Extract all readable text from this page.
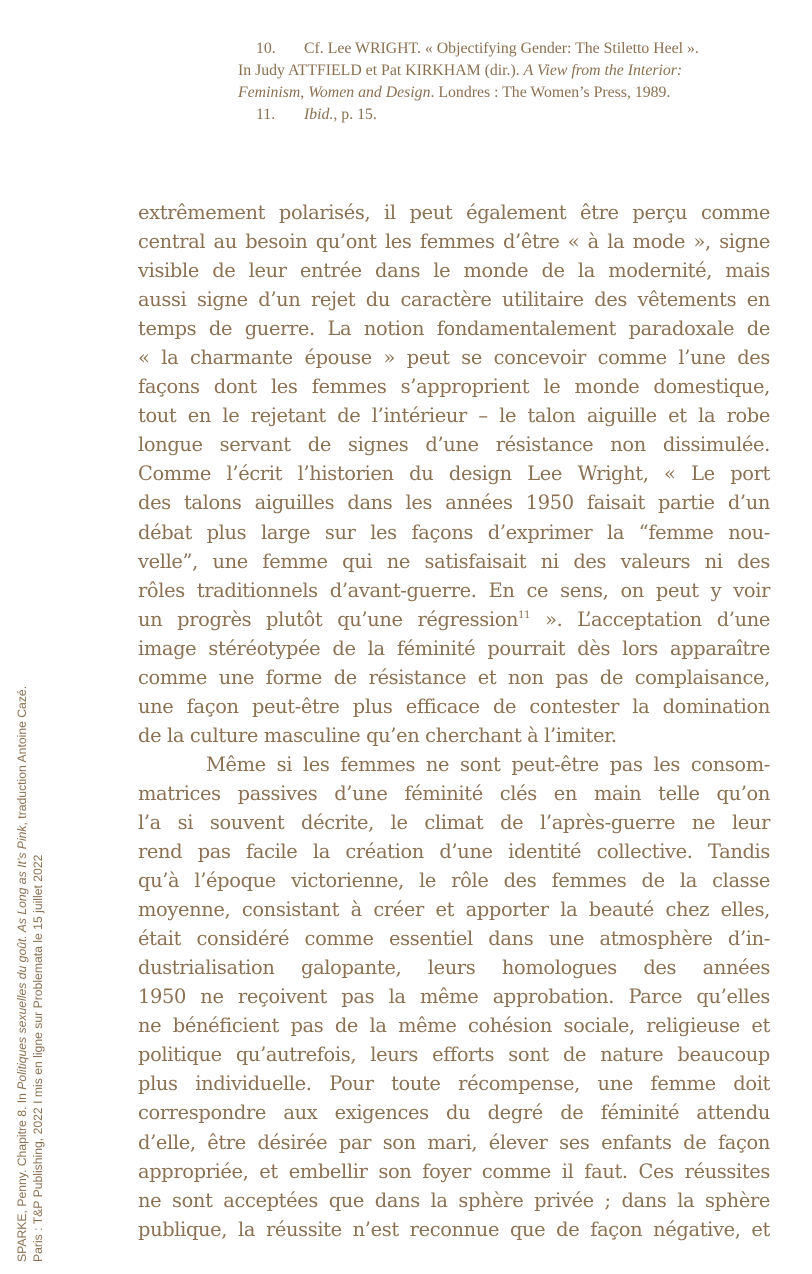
10. Cf. Lee WRIGHT. « Objectifying Gender: The Stiletto Heel ».
In Judy ATTFIELD et Pat KIRKHAM (dir.). A View from the Interior:
Feminism, Women and Design. Londres : The Women’s Press, 1989.
11. Ibid., p. 15.
extrêmement polarisés, il peut également être perçu comme
central au besoin qu’ont les femmes d’être « à la mode », signe
visible de leur entrée dans le monde de la modernité, mais
aussi signe d’un rejet du caractère utilitaire des vêtements en
temps de guerre. La notion fondamentalement paradoxale de
« la charmante épouse » peut se concevoir comme l’une des
façons dont les femmes s’approprient le monde domestique,
tout en le rejetant de l’intérieur – le talon aiguille et la robe
longue servant de signes d’une résistance non dissimulée.
Comme l’écrit l’historien du design Lee Wright, « Le port
des talons aiguilles dans les années 1950 faisait partie d’un
débat plus large sur les façons d’exprimer la “femme nou-
velle”, une femme qui ne satisfaisait ni des valeurs ni des
rôles traditionnels d’avant-guerre. En ce sens, on peut y voir
un progrès plutôt qu’une régression$^{11}$ ». L’acceptation d’une
image stéréotypée de la féminité pourrait dès lors apparaître
comme une forme de résistance et non pas de complaisance,
une façon peut-être plus efficace de contester la domination
de la culture masculine qu’en cherchant à l’imiter.
Même si les femmes ne sont peut-être pas les consom-
matrices passives d’une féminité clés en main telle qu’on
l’a si souvent décrite, le climat de l’après-guerre ne leur
rend pas facile la création d’une identité collective. Tandis
qu’à l’époque victorienne, le rôle des femmes de la classe
moyenne, consistant à créer et apporter la beauté chez elles,
était considéré comme essentiel dans une atmosphère d’in-
dustrialisation galopante, leurs homologues des années
1950 ne reçoivent pas la même approbation. Parce qu’elles
ne bénéficient pas de la même cohésion sociale, religieuse et
politique qu’autrefois, leurs efforts sont de nature beaucoup
plus individuelle. Pour toute récompense, une femme doit
correspondre aux exigences du degré de féminité attendu
d’elle, être désirée par son mari, élever ses enfants de façon
appropriée, et embellir son foyer comme il faut. Ces réussites
ne sont acceptées que dans la sphère privée ; dans la sphère
publique, la réussite n’est reconnue que de façon négative, et
SPARKE, Penny. Chapitre 8. In Politiques sexuelles du goût. As Long as It’s Pink, traduction Antoine Cazé.
Paris : T&P Publishing, 2022 I mis en ligne sur Problemata le 15 juillet 2022
